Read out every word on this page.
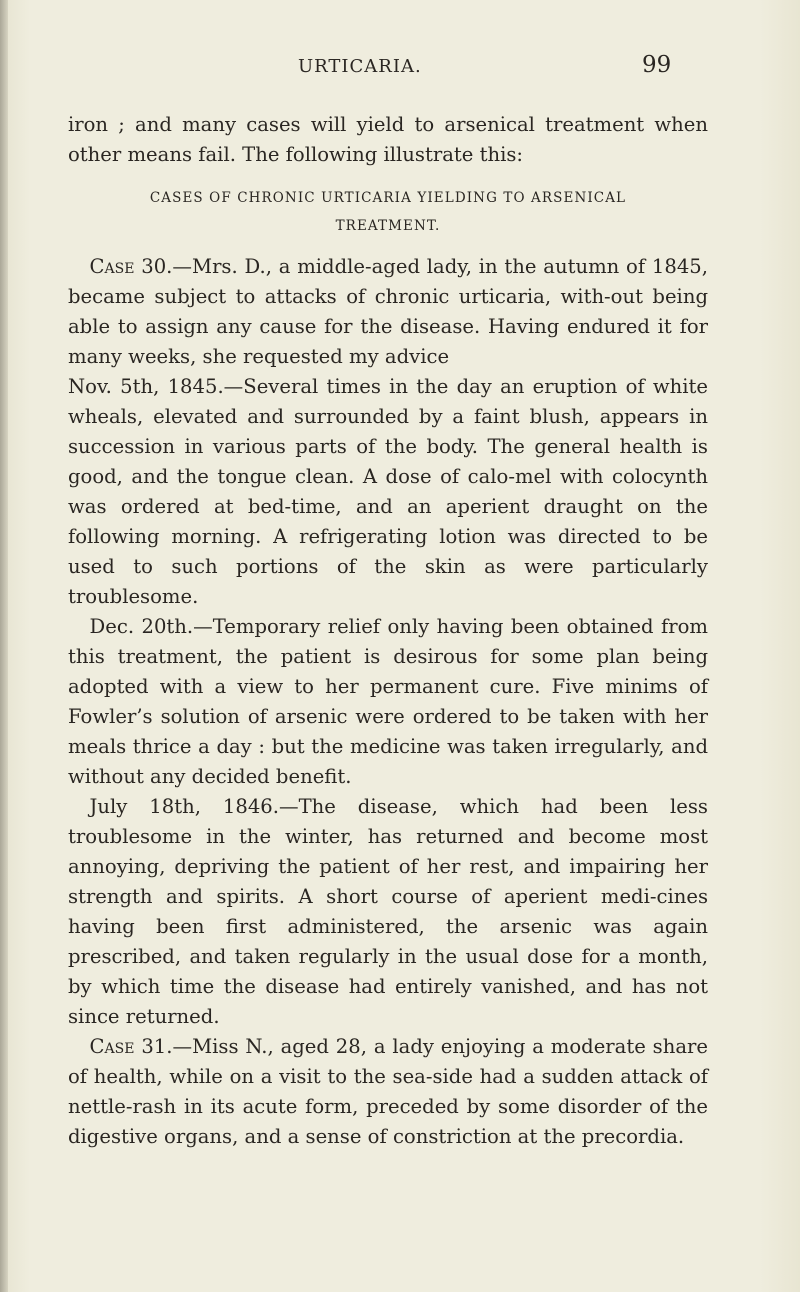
URTICARIA.	99

iron ; and many cases will yield to arsenical treatment when other means fail. The following illustrate this:

CASES OF CHRONIC URTICARIA YIELDING TO ARSENICAL
TREATMENT.

Case 30.—Mrs. D., a middle-aged lady, in the autumn of 1845, became subject to attacks of chronic urticaria, with-out being able to assign any cause for the disease. Having endured it for many weeks, she requested my advice

Nov. 5th, 1845.—Several times in the day an eruption of white wheals, elevated and surrounded by a faint blush, appears in succession in various parts of the body. The general health is good, and the tongue clean. A dose of calo-mel with colocynth was ordered at bed-time, and an aperient draught on the following morning. A refrigerating lotion was directed to be used to such portions of the skin as were particularly troublesome.

Dec. 20th.—Temporary relief only having been obtained from this treatment, the patient is desirous for some plan being adopted with a view to her permanent cure. Five minims of Fowler’s solution of arsenic were ordered to be taken with her meals thrice a day : but the medicine was taken irregularly, and without any decided benefit.

July 18th, 1846.—The disease, which had been less troublesome in the winter, has returned and become most annoying, depriving the patient of her rest, and impairing her strength and spirits. A short course of aperient medi-cines having been first administered, the arsenic was again prescribed, and taken regularly in the usual dose for a month, by which time the disease had entirely vanished, and has not since returned.

Case 31.—Miss N., aged 28, a lady enjoying a moderate share of health, while on a visit to the sea-side had a sudden attack of nettle-rash in its acute form, preceded by some disorder of the digestive organs, and a sense of constriction at the precordia.
